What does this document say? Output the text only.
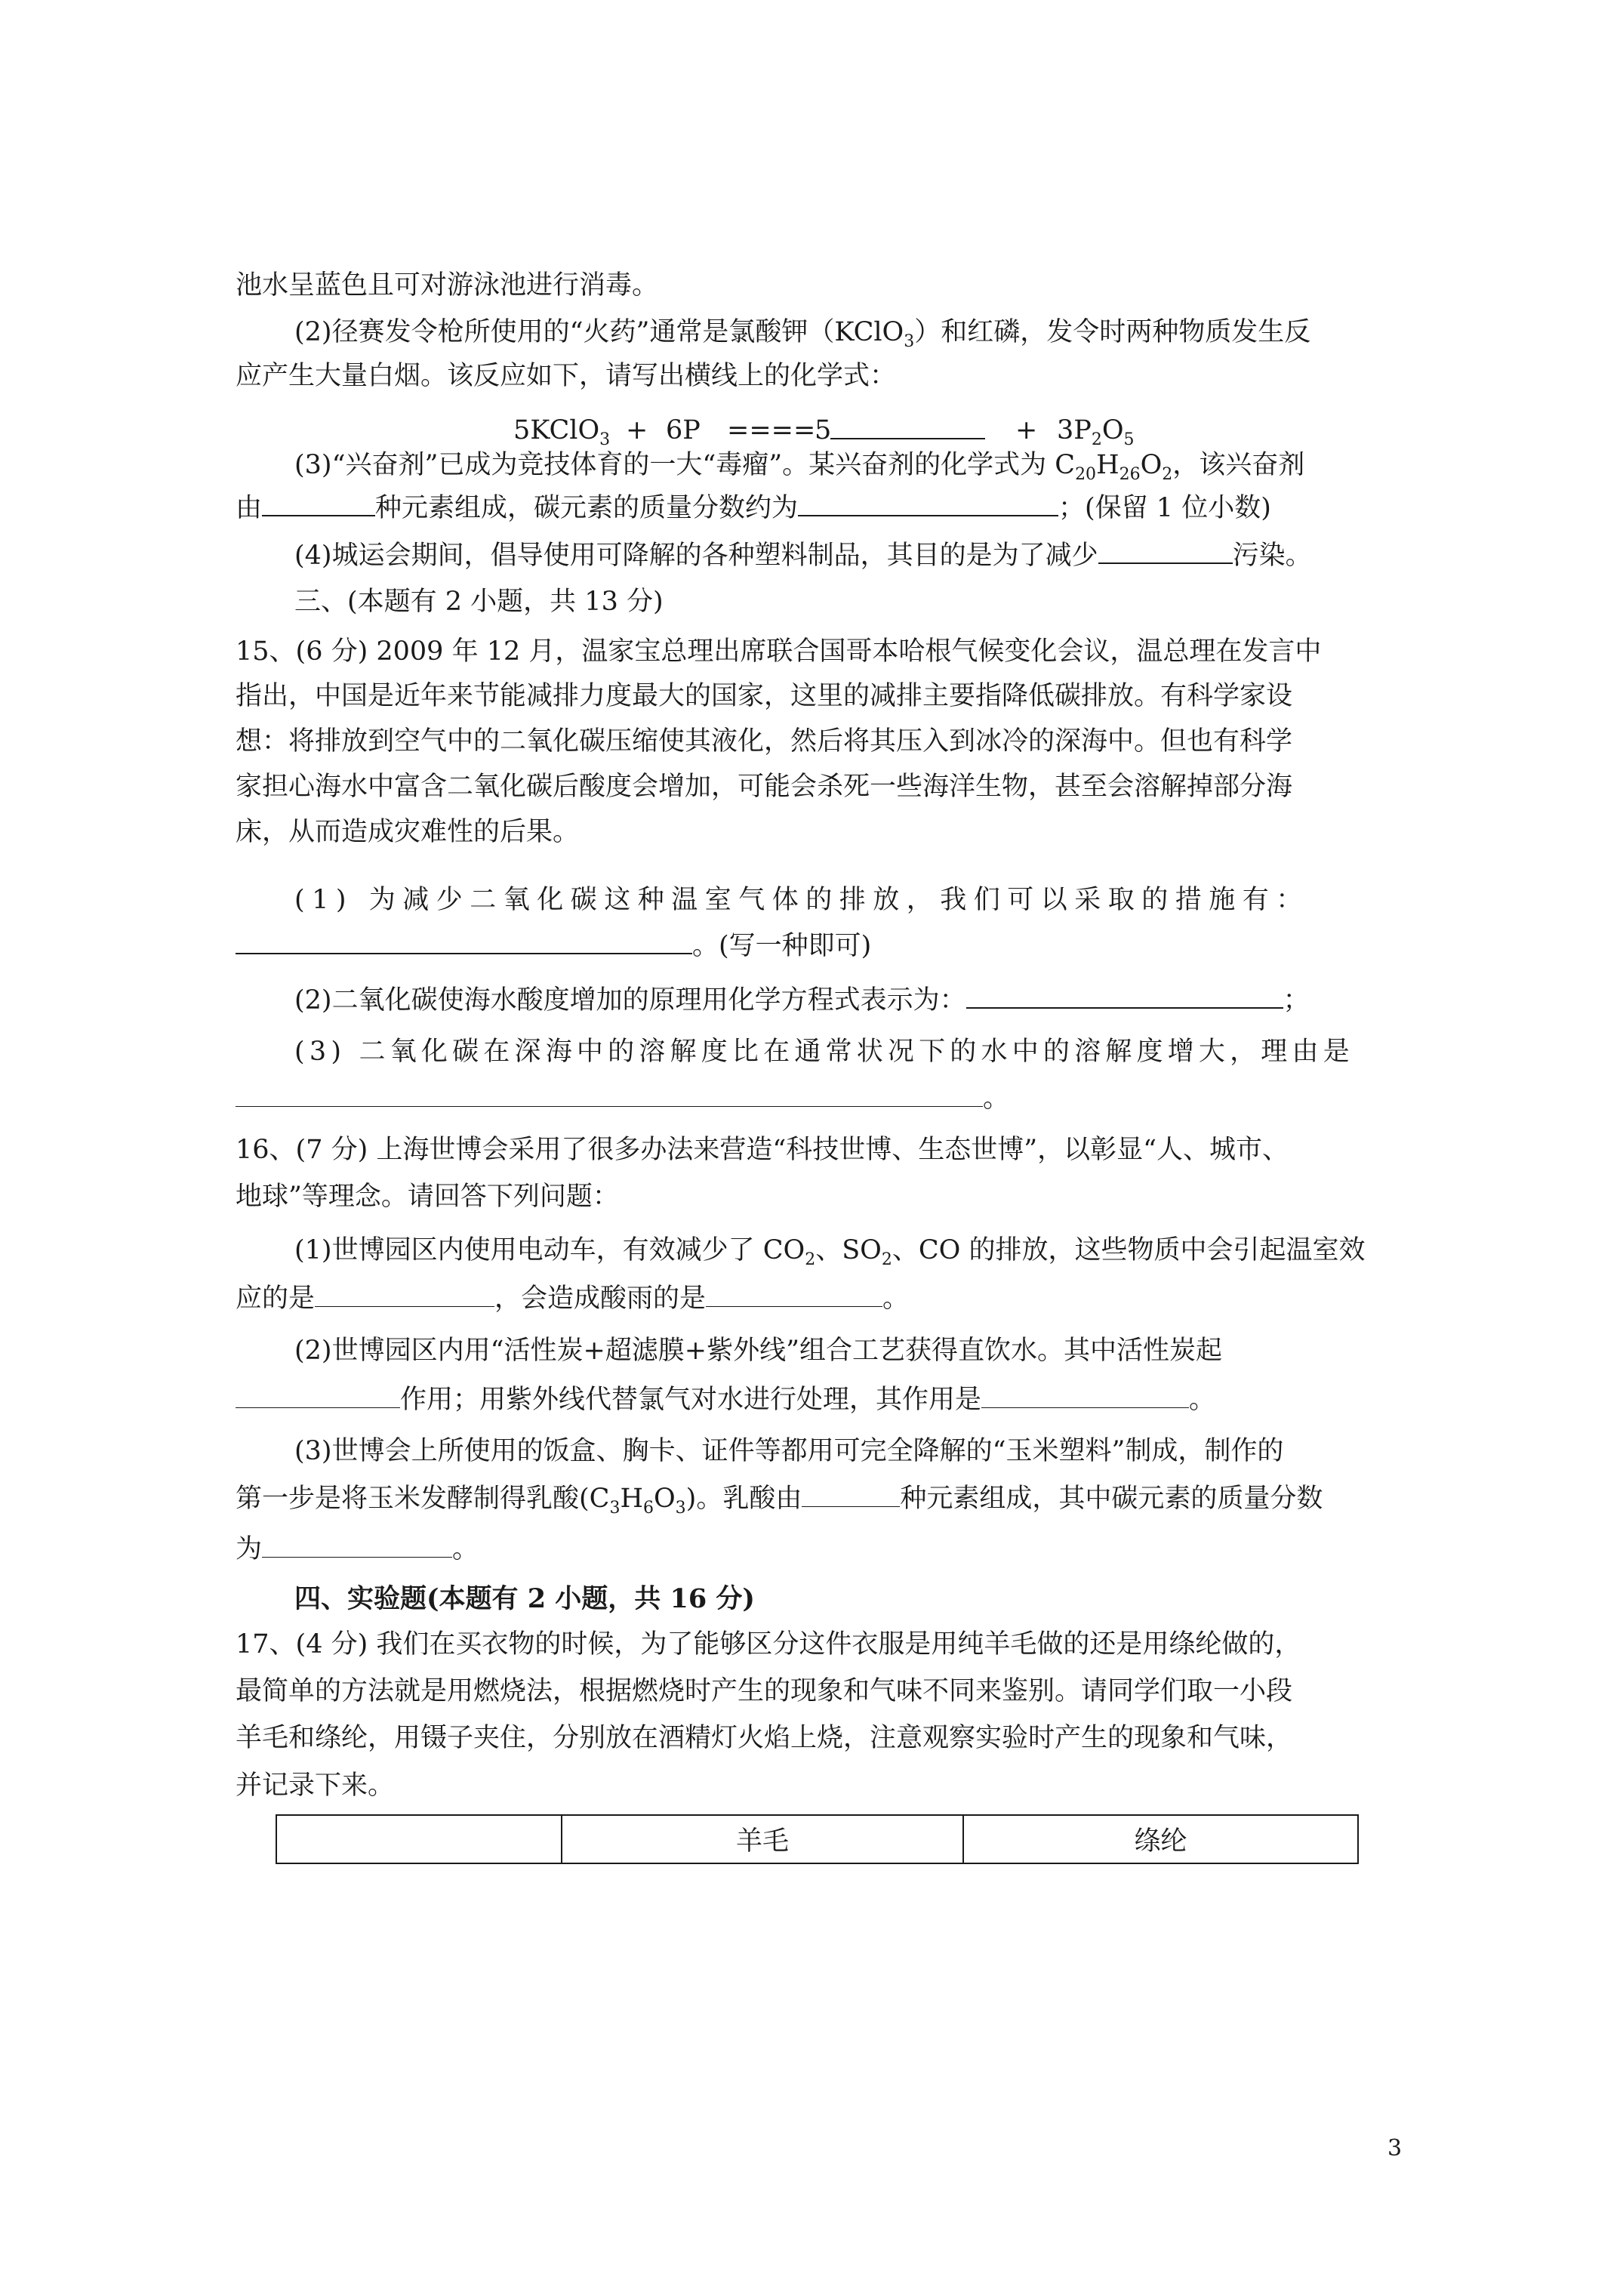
池水呈蓝色且可对游泳池进行消毒。
(2)径赛发令枪所使用的“火药”通常是氯酸钾（KClO$_3$）和红磷，发令时两种物质发生反
应产生大量白烟。该反应如下，请写出横线上的化学式：
5KClO$_3$ + 6P ====
5	+ $3P_2O_5$
(3)“兴奋剂”已成为竞技体育的一大“毒瘤”。某兴奋剂的化学式为 $C_{20}H_{26}O_2$，该兴奋剂
由	种元素组成，碳元素的质量分数约为	；(保留 1 位小数)
(4)城运会期间，倡导使用可降解的各种塑料制品，其目的是为了减少	污染。
三、(本题有 2 小题，共 13 分)
15、(6 分) 2009 年 12 月，温家宝总理出席联合国哥本哈根气候变化会议，温总理在发言中
指出，中国是近年来节能减排力度最大的国家，这里的减排主要指降低碳排放。有科学家设
想：将排放到空气中的二氧化碳压缩使其液化，然后将其压入到冰冷的深海中。但也有科学
家担心海水中富含二氧化碳后酸度会增加，可能会杀死一些海洋生物，甚至会溶解掉部分海
床，从而造成灾难性的后果。
(1) 为减少二氧化碳这种温室气体的排放，我们可以采取的措施有：
。(写一种即可)
(2)二氧化碳使海水酸度增加的原理用化学方程式表示为：	；
(3) 二氧化碳在深海中的溶解度比在通常状况下的水中的溶解度增大，理由是
。
16、(7 分) 上海世博会采用了很多办法来营造“科技世博、生态世博”，以彰显“人、城市、
地球”等理念。请回答下列问题：
(1)世博园区内使用电动车，有效减少了 $CO_2$、$SO_2$、CO 的排放，这些物质中会引起温室效
应的是	，会造成酸雨的是	。
(2)世博园区内用“活性炭+超滤膜+紫外线”组合工艺获得直饮水。其中活性炭起
作用；用紫外线代替氯气对水进行处理，其作用是	。
(3)世博会上所使用的饭盒、胸卡、证件等都用可完全降解的“玉米塑料”制成，制作的
第一步是将玉米发酵制得乳酸$(C_3H_6O_3)$。乳酸由	种元素组成，其中碳元素的质量分数
为	。
四、实验题(本题有 2 小题，共 16 分)
17、(4 分) 我们在买衣物的时候，为了能够区分这件衣服是用纯羊毛做的还是用绦纶做的，
最简单的方法就是用燃烧法，根据燃烧时产生的现象和气味不同来鉴别。请同学们取一小段
羊毛和绦纶，用镊子夹住，分别放在酒精灯火焰上烧，注意观察实验时产生的现象和气味，
并记录下来。
	羊毛	绦纶
3
